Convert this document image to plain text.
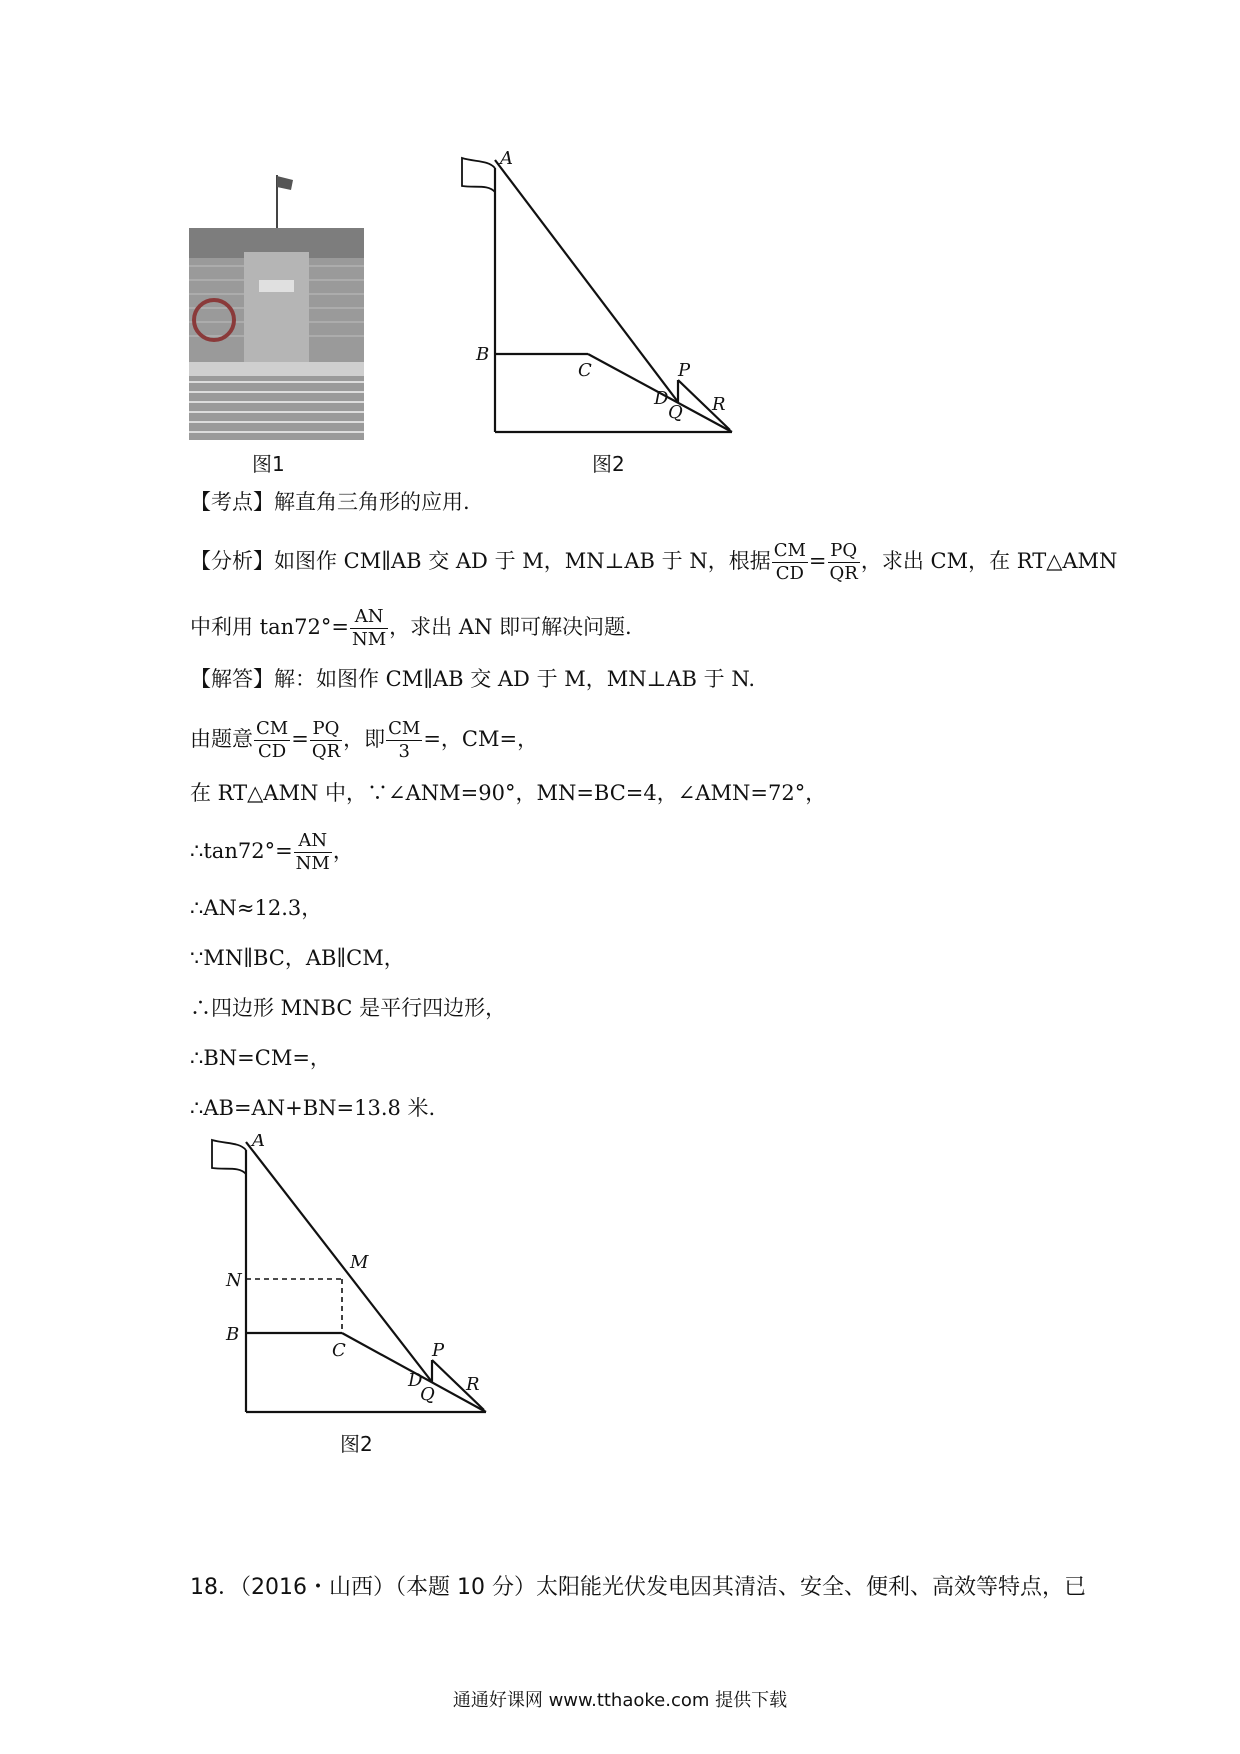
图1
A
B
C
D
P
Q R
图2
【考点】解直角三角形的应用.
【分析】如图作 CM∥AB 交 AD 于 M，MN⊥AB 于 N，根据 $\frac{CM}{CD} = \frac{PQ}{QR}$ ，求出 CM，在 RT△AMN
中利用 $\tan 72^\circ= \frac{AN}{NM}$ ，求出 AN 即可解决问题.
【解答】解：如图作 CM∥AB 交 AD 于 M，MN⊥AB 于 N.
由题意 $\frac{CM}{CD} = \frac{PQ}{QR}$ ，即 $\frac{CM}{3}$ =，CM=，
在 RT△AMN 中，∵∠ANM=90°，MN=BC=4，∠AMN=72°，
∴tan72°= $\frac{AN}{NM}$ ，
∴AN≈12.3，
∵MN∥BC，AB∥CM，
∴四边形 MNBC 是平行四边形，
∴BN=CM=，
∴AB=AN+BN=13.8 米.
A
N
M
B
C
D
P
Q R
图2
18．（2016・山西）（本题 10 分）太阳能光伏发电因其清洁、安全、便利、高效等特点，已
通通好课网 www.tthaoke.com 提供下载
